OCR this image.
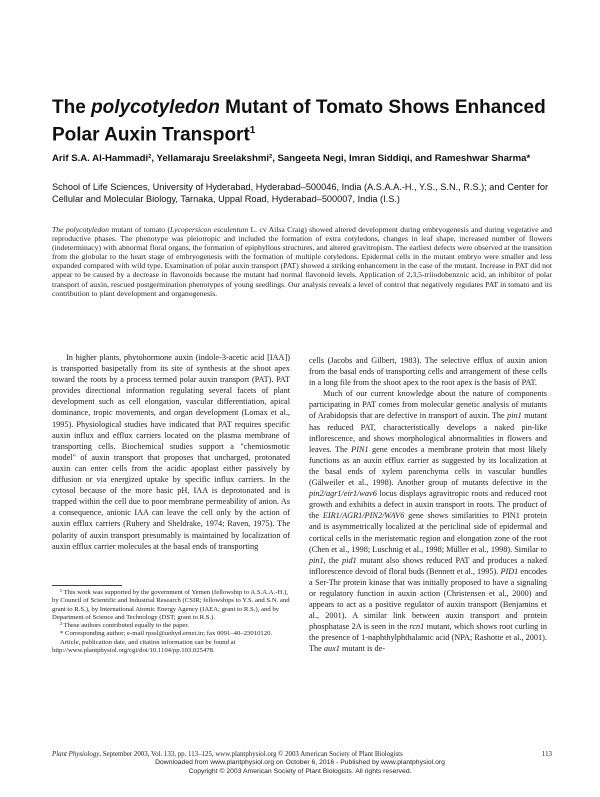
The polycotyledon Mutant of Tomato Shows Enhanced Polar Auxin Transport$^1$
Arif S.A. Al-Hammadi², Yellamaraju Sreelakshmi², Sangeeta Negi, Imran Siddiqi, and Rameshwar Sharma*
School of Life Sciences, University of Hyderabad, Hyderabad–500046, India (A.S.A.A.-H., Y.S., S.N., R.S.); and Center for Cellular and Molecular Biology, Tarnaka, Uppal Road, Hyderabad–500007, India (I.S.)

The polycotyledon mutant of tomato (Lycopersicon esculentum L. cv Ailsa Craig) showed altered development during embryogenesis and during vegetative and reproductive phases. The phenotype was pleiotropic and included the formation of extra cotyledons, changes in leaf shape, increased number of flowers (indeterminacy) with abnormal floral organs, the formation of epiphyllous structures, and altered gravitropism. The earliest defects were observed at the transition from the globular to the heart stage of embryogenesis with the formation of multiple cotyledons. Epidermal cells in the mutant embryo were smaller and less expanded compared with wild type. Examination of polar auxin transport (PAT) showed a striking enhancement in the case of the mutant. Increase in PAT did not appear to be caused by a decrease in flavonoids because the mutant had normal flavonoid levels. Application of 2,3,5-triiodobenzoic acid, an inhibitor of polar transport of auxin, rescued postgermination phenotypes of young seedlings. Our analysis reveals a level of control that negatively regulates PAT in tomato and its contribution to plant development and organogenesis.

In higher plants, phytohormone auxin (indole-3-acetic acid [IAA]) is transported basipetally from its site of synthesis at the shoot apex toward the roots by a process termed polar auxin transport (PAT). PAT provides directional information regulating several facets of plant development such as cell elongation, vascular differentiation, apical dominance, tropic movements, and organ development (Lomax et al., 1995). Physiological studies have indicated that PAT requires specific auxin influx and efflux carriers located on the plasma membrane of transporting cells. Biochemical studies support a "chemiosmotic model" of auxin transport that proposes that uncharged, protonated auxin can enter cells from the acidic apoplast either passively by diffusion or via energized uptake by specific influx carriers. In the cytosol because of the more basic pH, IAA is deprotonated and is trapped within the cell due to poor membrane permeability of anion. As a consequence, anionic IAA can leave the cell only by the action of auxin efflux carriers (Rubery and Sheldrake, 1974; Raven, 1975). The polarity of auxin transport presumably is maintained by localization of auxin efflux carrier molecules at the basal ends of transporting

cells (Jacobs and Gilbert, 1983). The selective efflux of auxin anion from the basal ends of transporting cells and arrangement of these cells in a long file from the shoot apex to the root apex is the basis of PAT.

Much of our current knowledge about the nature of components participating in PAT comes from molecular genetic analysis of mutants of Arabidopsis that are defective in transport of auxin. The pin1 mutant has reduced PAT, characteristically develops a naked pin-like inflorescence, and shows morphological abnormalities in flowers and leaves. The PIN1 gene encodes a membrane protein that most likely functions as an auxin efflux carrier as suggested by its localization at the basal ends of xylem parenchyma cells in vascular bundles (Gälweiler et al., 1998). Another group of mutants defective in the pin2/agr1/eir1/wav6 locus displays agravitropic roots and reduced root growth and exhibits a defect in auxin transport in roots. The product of the EIR1/AGR1/PIN2/WAV6 gene shows similarities to PIN1 protein and is asymmetrically localized at the periclinal side of epidermal and cortical cells in the meristematic region and elongation zone of the root (Chen et al., 1998; Luschnig et al., 1998; Müller et al., 1998). Similar to pin1, the pid1 mutant also shows reduced PAT and produces a naked inflorescence devoid of floral buds (Bennett et al., 1995). PID1 encodes a Ser-Thr protein kinase that was initially proposed to have a signaling or regulatory function in auxin action (Christensen et al., 2000) and appears to act as a positive regulator of auxin transport (Benjamins et al., 2001). A similar link between auxin transport and protein phosphatase 2A is seen in the rcn1 mutant, which shows root curling in the presence of 1-naphthylphthalamic acid (NPA; Rashotte et al., 2001). The aux1 mutant is de-

¹ This work was supported by the government of Yemen (fellowship to A.S.A.A.-H.), by Council of Scientific and Industrial Research (CSIR; fellowships to Y.S. and S.N. and grant to R.S.), by International Atomic Energy Agency (IAEA; grant to R.S.), and by Department of Science and Technology (DST; grant to R.S.).

² These authors contributed equally to the paper.

* Corresponding author; e-mail rpssl@uohyd.ernet.in; fax 0091–40–23010120.

Article, publication date, and citation information can be found at http://www.plantphysiol.org/cgi/doi/10.1104/pp.103.025478.

Plant Physiology, September 2003, Vol. 133, pp. 113–125, www.plantphysiol.org © 2003 American Society of Plant Biologists	113
Downloaded from www.plantphysiol.org on October 6, 2016 - Published by www.plantphysiol.org
Copyright © 2003 American Society of Plant Biologists. All rights reserved.
